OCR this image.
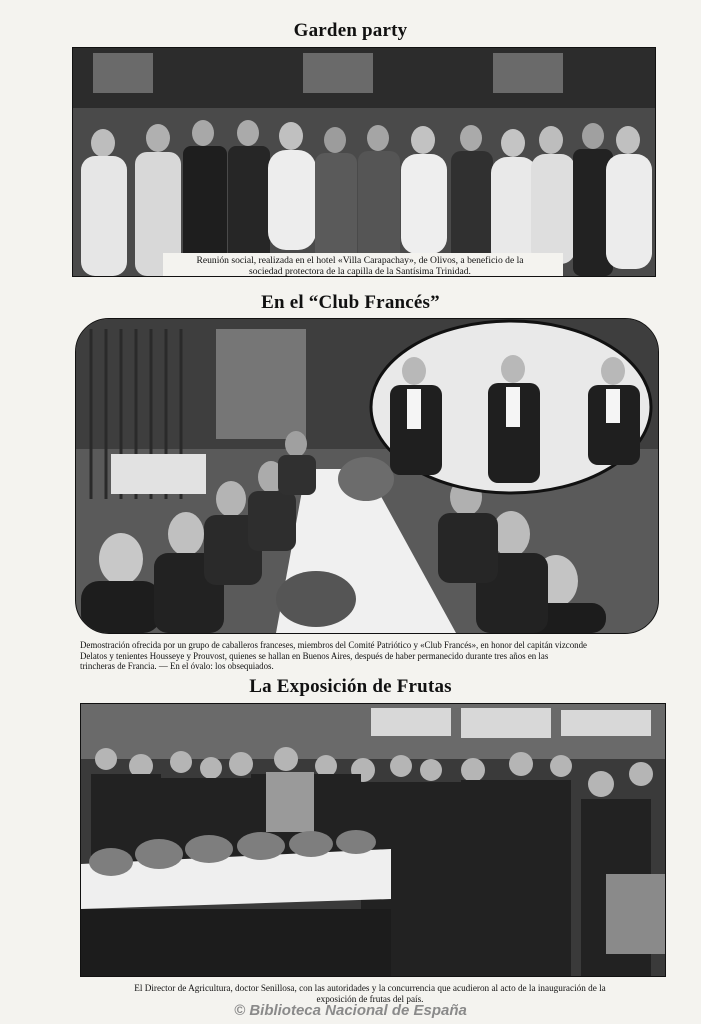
Garden party
Reunión social, realizada en el hotel «Villa Carapachay», de Olivos, a beneficio de la
sociedad protectora de la capilla de la Santísima Trinidad.
En el “Club Francés”
Demostración ofrecida por un grupo de caballeros franceses, miembros del Comité Patriótico y «Club Francés», en honor del capitán vizconde
Delatos y tenientes Housseye y Prouvost, quienes se hallan en Buenos Aires, después de haber permanecido durante tres años en las
trincheras de Francia. — En el óvalo: los obsequiados.
La Exposición de Frutas
El Director de Agricultura, doctor Senillosa, con las autoridades y la concurrencia que acudieron al acto de la inauguración de la
exposición de frutas del país.
© Biblioteca Nacional de España
